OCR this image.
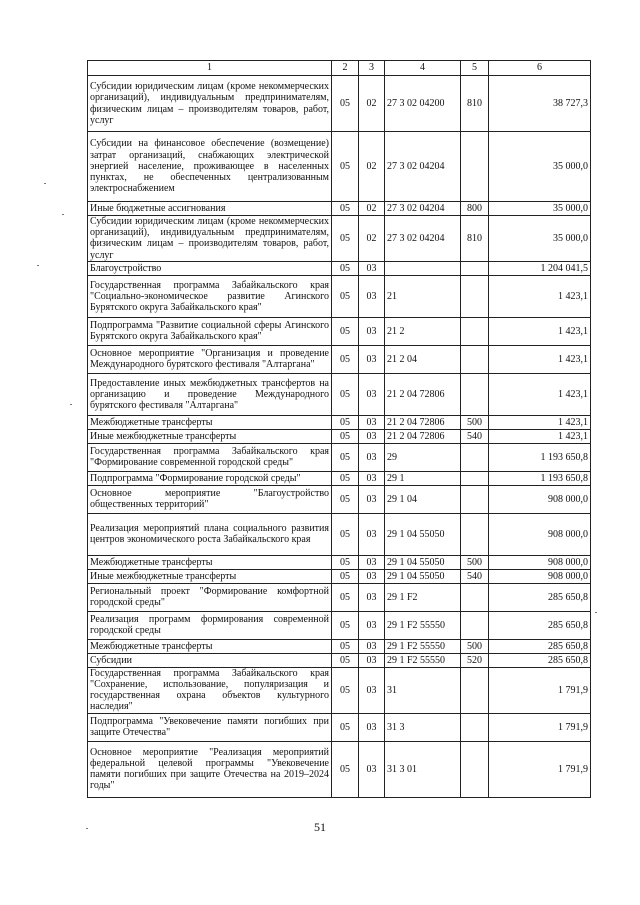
1	2	3	4	5	6
Субсидии юридическим лицам (кроме некоммерческих организаций), индивидуальным предпринимателям, физическим лицам – производителям товаров, работ, услуг	05	02	27 3 02 04200	810	38 727,3
Субсидии на финансовое обеспечение (возмещение) затрат организаций, снабжающих электрической энергией население, проживающее в населенных пунктах, не обеспеченных централизованным электроснабжением	05	02	27 3 02 04204		35 000,0
Иные бюджетные ассигнования	05	02	27 3 02 04204	800	35 000,0
Субсидии юридическим лицам (кроме некоммерческих организаций), индивидуальным предпринимателям, физическим лицам – производителям товаров, работ, услуг	05	02	27 3 02 04204	810	35 000,0
Благоустройство	05	03			1 204 041,5
Государственная программа Забайкальского края "Социально-экономическое развитие Агинского Бурятского округа Забайкальского края"	05	03	21		1 423,1
Подпрограмма "Развитие социальной сферы Агинского Бурятского округа Забайкальского края"	05	03	21 2		1 423,1
Основное мероприятие "Организация и проведение Международного бурятского фестиваля "Алтаргана"	05	03	21 2 04		1 423,1
Предоставление иных межбюджетных трансфертов на организацию и проведение Международного бурятского фестиваля "Алтаргана"	05	03	21 2 04 72806		1 423,1
Межбюджетные трансферты	05	03	21 2 04 72806	500	1 423,1
Иные межбюджетные трансферты	05	03	21 2 04 72806	540	1 423,1
Государственная программа Забайкальского края "Формирование современной городской среды"	05	03	29		1 193 650,8
Подпрограмма "Формирование городской среды"	05	03	29 1		1 193 650,8
Основное мероприятие "Благоустройство общественных территорий"	05	03	29 1 04		908 000,0
Реализация мероприятий плана социального развития центров экономического роста Забайкальского края	05	03	29 1 04 55050		908 000,0
Межбюджетные трансферты	05	03	29 1 04 55050	500	908 000,0
Иные межбюджетные трансферты	05	03	29 1 04 55050	540	908 000,0
Региональный проект "Формирование комфортной городской среды"	05	03	29 1 F2		285 650,8
Реализация программ формирования современной городской среды	05	03	29 1 F2 55550		285 650,8
Межбюджетные трансферты	05	03	29 1 F2 55550	500	285 650,8
Субсидии	05	03	29 1 F2 55550	520	285 650,8
Государственная программа Забайкальского края "Сохранение, использование, популяризация и государственная охрана объектов культурного наследия"	05	03	31		1 791,9
Подпрограмма "Увековечение памяти погибших при защите Отечества"	05	03	31 3		1 791,9
Основное мероприятие "Реализация мероприятий федеральной целевой программы "Увековечение памяти погибших при защите Отечества на 2019–2024 годы"	05	03	31 3 01		1 791,9
51
